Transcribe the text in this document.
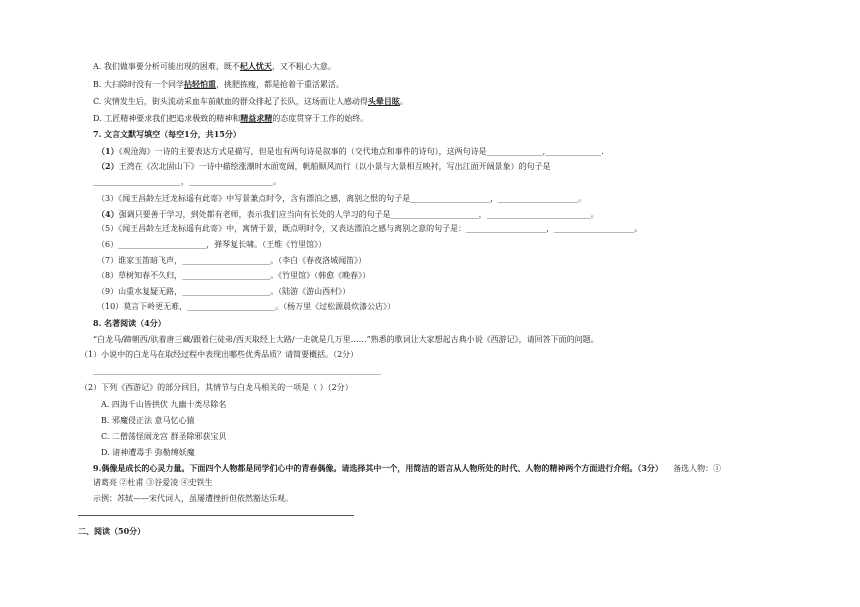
A. 我们做事要分析可能出现的困难，既不杞人忧天，又不粗心大意。
B. 大扫除时没有一个同学拈轻怕重，挑肥拣瘦，都是抢着干重活累活。
C. 灾情发生后，街头流动采血车前献血的群众排起了长队，这场面让人感动得头晕目眩。
D. 工匠精神要求我们把追求极致的精神和精益求精的态度贯穿于工作的始终。
7. 文言文默写填空（每空1分，共15分）
（1）《观沧海》一诗的主要表达方式是描写，但是也有两句诗是叙事的（交代地点和事件的诗句），这两句诗是______________,______________.
（2）王湾在《次北固山下》一诗中描绘涨潮时水面宽阔，帆船顺风而行（以小景与大景相互映衬，写出江面开阔景象）的句子是
______________________，_____________________。
（3）《闻王昌龄左迁龙标遥有此寄》中写景兼点时令，含有漂泊之感，离别之恨的句子是____________________，____________________。
（4）强调只要善于学习，到处都有老师，表示我们应当向有长处的人学习的句子是______________________，__________________________。
（5）《闻王昌龄左迁龙标遥有此寄》中，寓情于景，既点明时令，又表达漂泊之感与离别之意的句子是：____________________，____________________。
（6）______________________，弹琴复长啸。（王维《竹里馆》）
（7）谁家玉笛暗飞声，______________________。（李白《春夜洛城闻笛》）
（8）草树知春不久归，______________________。《竹里馆》（韩愈《晚春》）
（9）山重水复疑无路，______________________。（陆游《游山西村》）
（10）莫言下岭更无难，______________________。（杨万里《过松源晨炊漆公店》）
8. 名著阅读（4分）
“白龙马/蹄朝西/驮着唐三藏/跟着仨徒弟/西天取经上大路/一走就是几万里……”熟悉的歌词让大家想起古典小说《西游记》，请回答下面的问题。
（1）小说中的白龙马在取经过程中表现出哪些优秀品质？请简要概括。（2分）
（2）下列《西游记》的部分回目，其情节与白龙马相关的一项是（ ）（2分）
A. 四海千山皆拱伏 九幽十类尽除名
B. 邪魔侵正法 意马忆心猿
C. 二僧荡怪闹龙宫 群圣除邪获宝贝
D. 诸神遭毒手 弥勒缚妖魔
9.偶像是成长的心灵力量。下面四个人物都是同学们心中的青春偶像。请选择其中一个，用简洁的语言从人物所处的时代、人物的精神两个方面进行介绍。（3分） 备选人物：①
诸葛亮 ②杜甫 ③谷爱凌 ④史铁生
示例：苏轼——宋代词人，虽屡遭挫折但依然豁达乐观。
二、阅读（50分）
